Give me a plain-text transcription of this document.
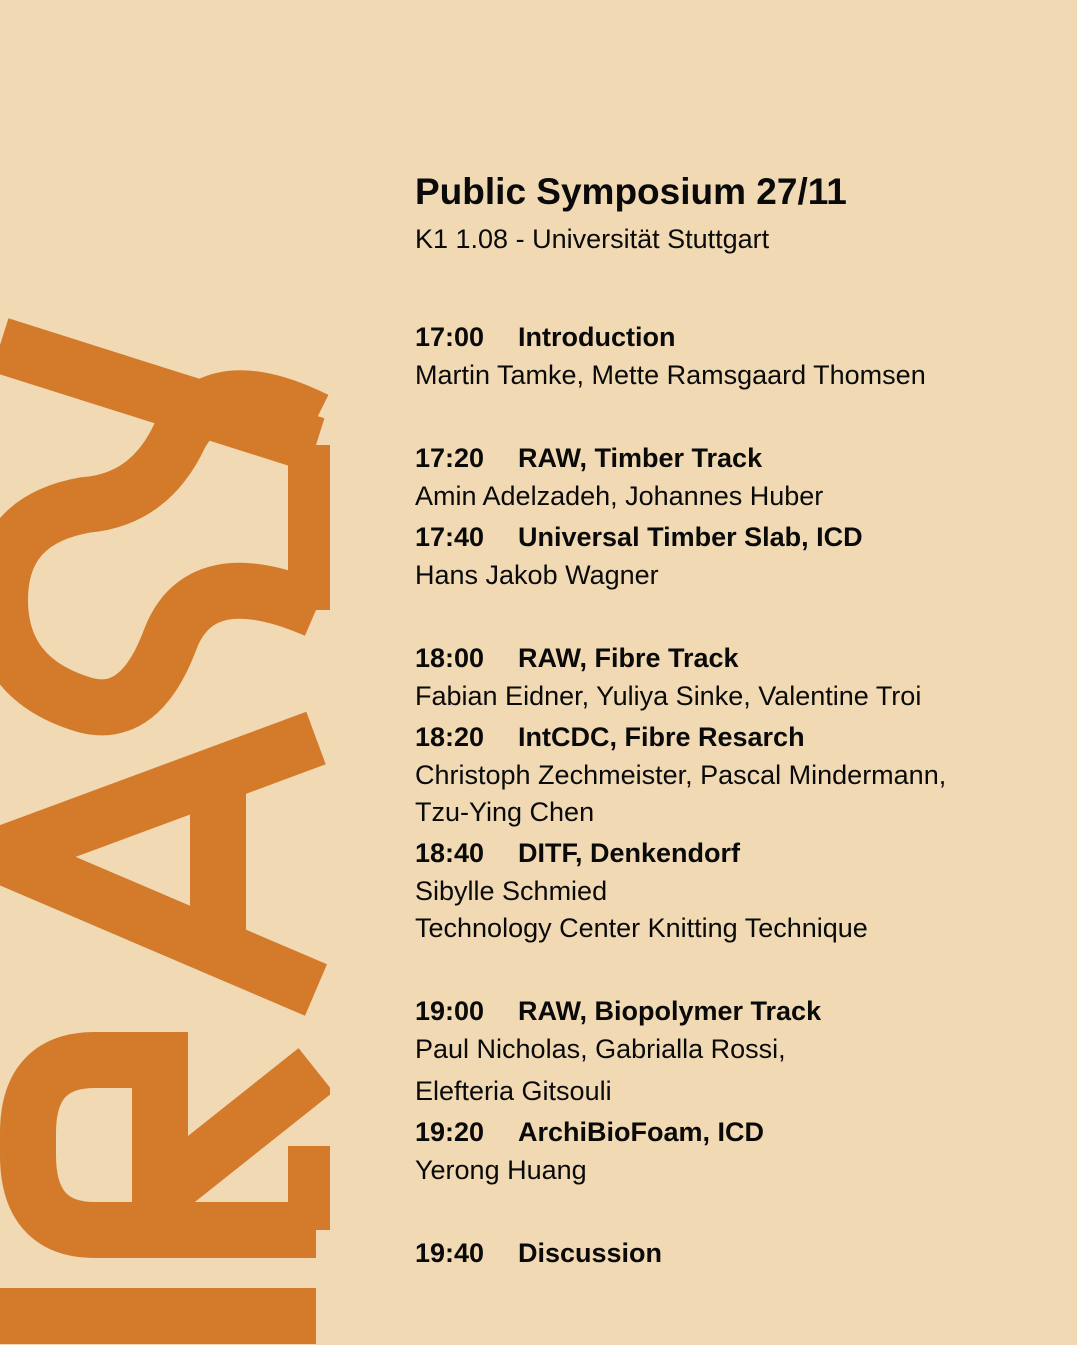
Public Symposium 27/11
K1 1.08 - Universität Stuttgart
17:00 Introduction
Martin Tamke, Mette Ramsgaard Thomsen
17:20 RAW, Timber Track
Amin Adelzadeh, Johannes Huber
17:40 Universal Timber Slab, ICD
Hans Jakob Wagner
18:00 RAW, Fibre Track
Fabian Eidner, Yuliya Sinke, Valentine Troi
18:20 IntCDC, Fibre Resarch
Christoph Zechmeister, Pascal Mindermann,
Tzu-Ying Chen
18:40 DITF, Denkendorf
Sibylle Schmied
Technology Center Knitting Technique
19:00 RAW, Biopolymer Track
Paul Nicholas, Gabrialla Rossi,
Elefteria Gitsouli
19:20 ArchiBioFoam, ICD
Yerong Huang
19:40 Discussion
